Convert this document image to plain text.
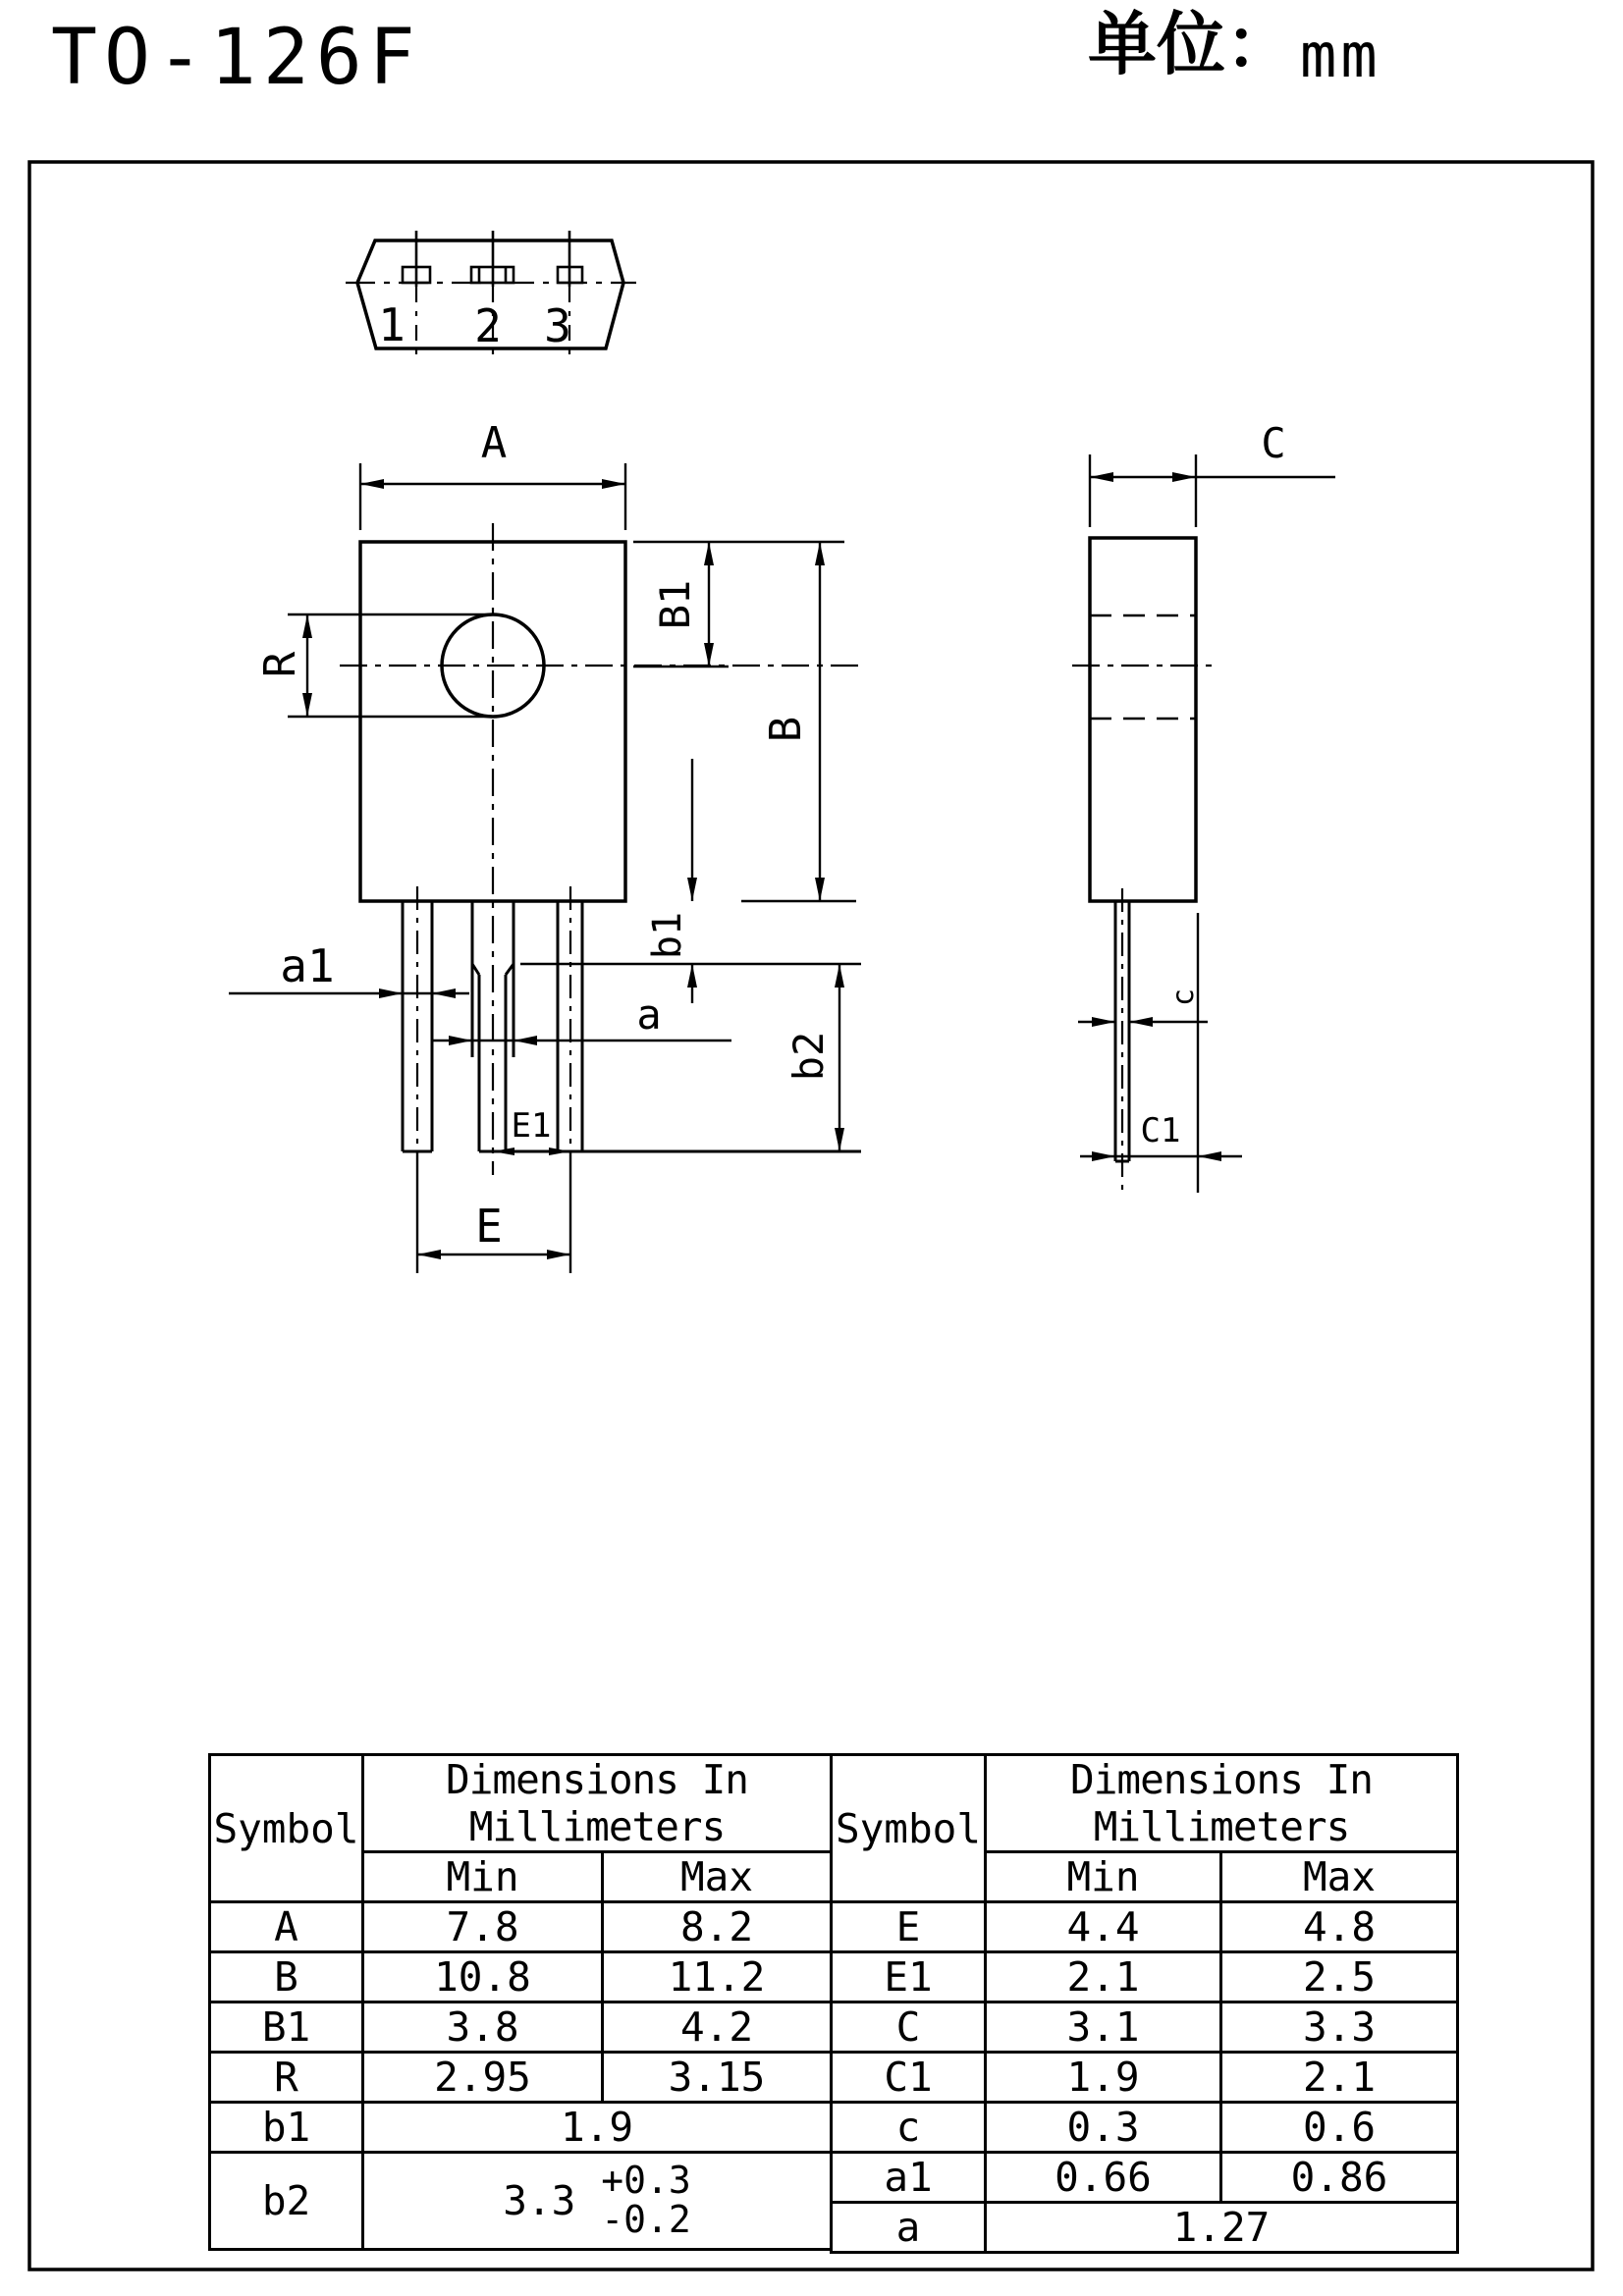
TO-126F	单位： mm
1 2 3
A
R
B1
B
b1
a1
a
b2
E1
E
C
c
C1
Symbol	Dimensions In Millimeters	
	Min	Max
A	7.8	8.2
B	10.8	11.2
B1	3.8	4.2
R	2.95	3.15
b1	1.9	
b2	3.3 +0.3
-0.2	
Symbol	Dimensions In Millimeters	
	Min	Max
E	4.4	4.8
E1	2.1	2.5
C	3.1	3.3
C1	1.9	2.1
c	0.3	0.6
a1	0.66	0.86
a	1.27	
